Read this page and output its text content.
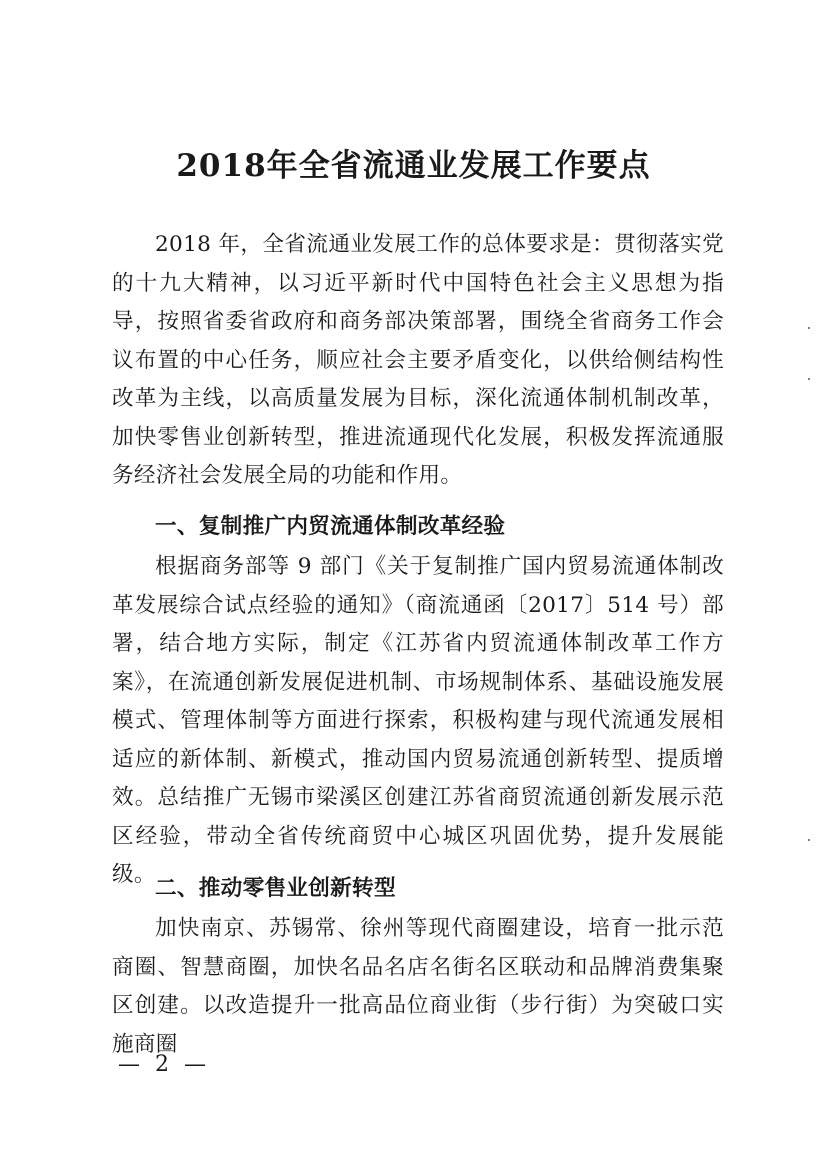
2018年全省流通业发展工作要点

2018 年，全省流通业发展工作的总体要求是：贯彻落实党的十九大精神，以习近平新时代中国特色社会主义思想为指导，按照省委省政府和商务部决策部署，围绕全省商务工作会议布置的中心任务，顺应社会主要矛盾变化，以供给侧结构性改革为主线，以高质量发展为目标，深化流通体制机制改革，加快零售业创新转型，推进流通现代化发展，积极发挥流通服务经济社会发展全局的功能和作用。

一、复制推广内贸流通体制改革经验

根据商务部等 9 部门《关于复制推广国内贸易流通体制改革发展综合试点经验的通知》（商流通函〔2017〕514 号）部署，结合地方实际，制定《江苏省内贸流通体制改革工作方案》，在流通创新发展促进机制、市场规制体系、基础设施发展模式、管理体制等方面进行探索，积极构建与现代流通发展相适应的新体制、新模式，推动国内贸易流通创新转型、提质增效。总结推广无锡市梁溪区创建江苏省商贸流通创新发展示范区经验，带动全省传统商贸中心城区巩固优势，提升发展能级。

二、推动零售业创新转型

加快南京、苏锡常、徐州等现代商圈建设，培育一批示范商圈、智慧商圈，加快名品名店名街名区联动和品牌消费集聚区创建。以改造提升一批高品位商业街（步行街）为突破口实施商圈

— 2 —
